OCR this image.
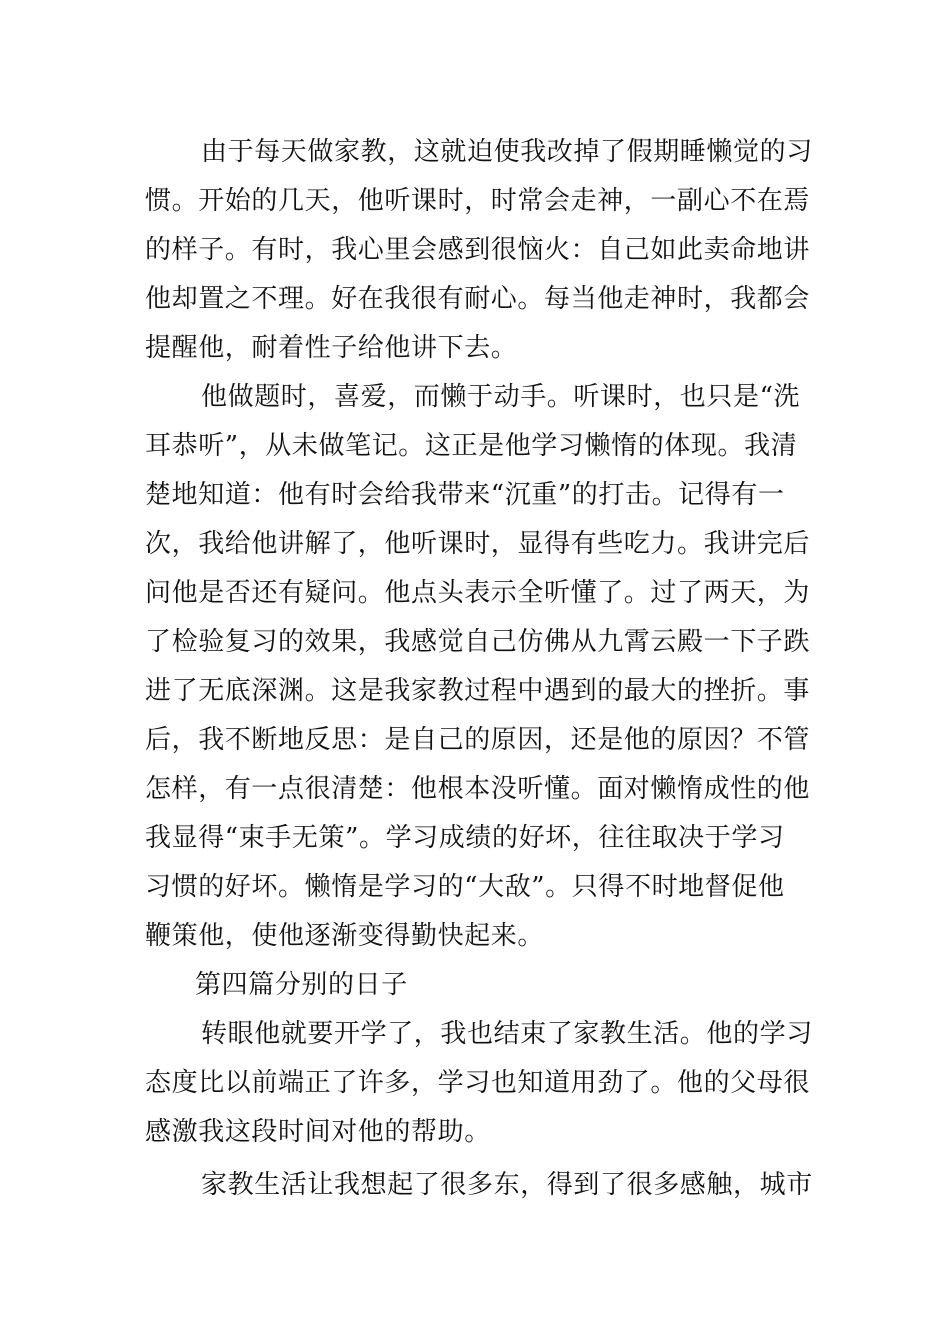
由于每天做家教，这就迫使我改掉了假期睡懒觉的习
惯。开始的几天，他听课时，时常会走神，一副心不在焉
的样子。有时，我心里会感到很恼火：自己如此卖命地讲
他却置之不理。好在我很有耐心。每当他走神时，我都会
提醒他，耐着性子给他讲下去。
他做题时，喜爱，而懒于动手。听课时，也只是“洗
耳恭听”，从未做笔记。这正是他学习懒惰的体现。我清
楚地知道：他有时会给我带来“沉重”的打击。记得有一
次，我给他讲解了，他听课时，显得有些吃力。我讲完后
问他是否还有疑问。他点头表示全听懂了。过了两天，为
了检验复习的效果，我感觉自己仿佛从九霄云殿一下子跌
进了无底深渊。这是我家教过程中遇到的最大的挫折。事
后，我不断地反思：是自己的原因，还是他的原因？不管
怎样，有一点很清楚：他根本没听懂。面对懒惰成性的他
我显得“束手无策”。学习成绩的好坏，往往取决于学习
习惯的好坏。懒惰是学习的“大敌”。只得不时地督促他
鞭策他，使他逐渐变得勤快起来。
第四篇分别的日子
转眼他就要开学了，我也结束了家教生活。他的学习
态度比以前端正了许多，学习也知道用劲了。他的父母很
感激我这段时间对他的帮助。
家教生活让我想起了很多东，得到了很多感触，城市
